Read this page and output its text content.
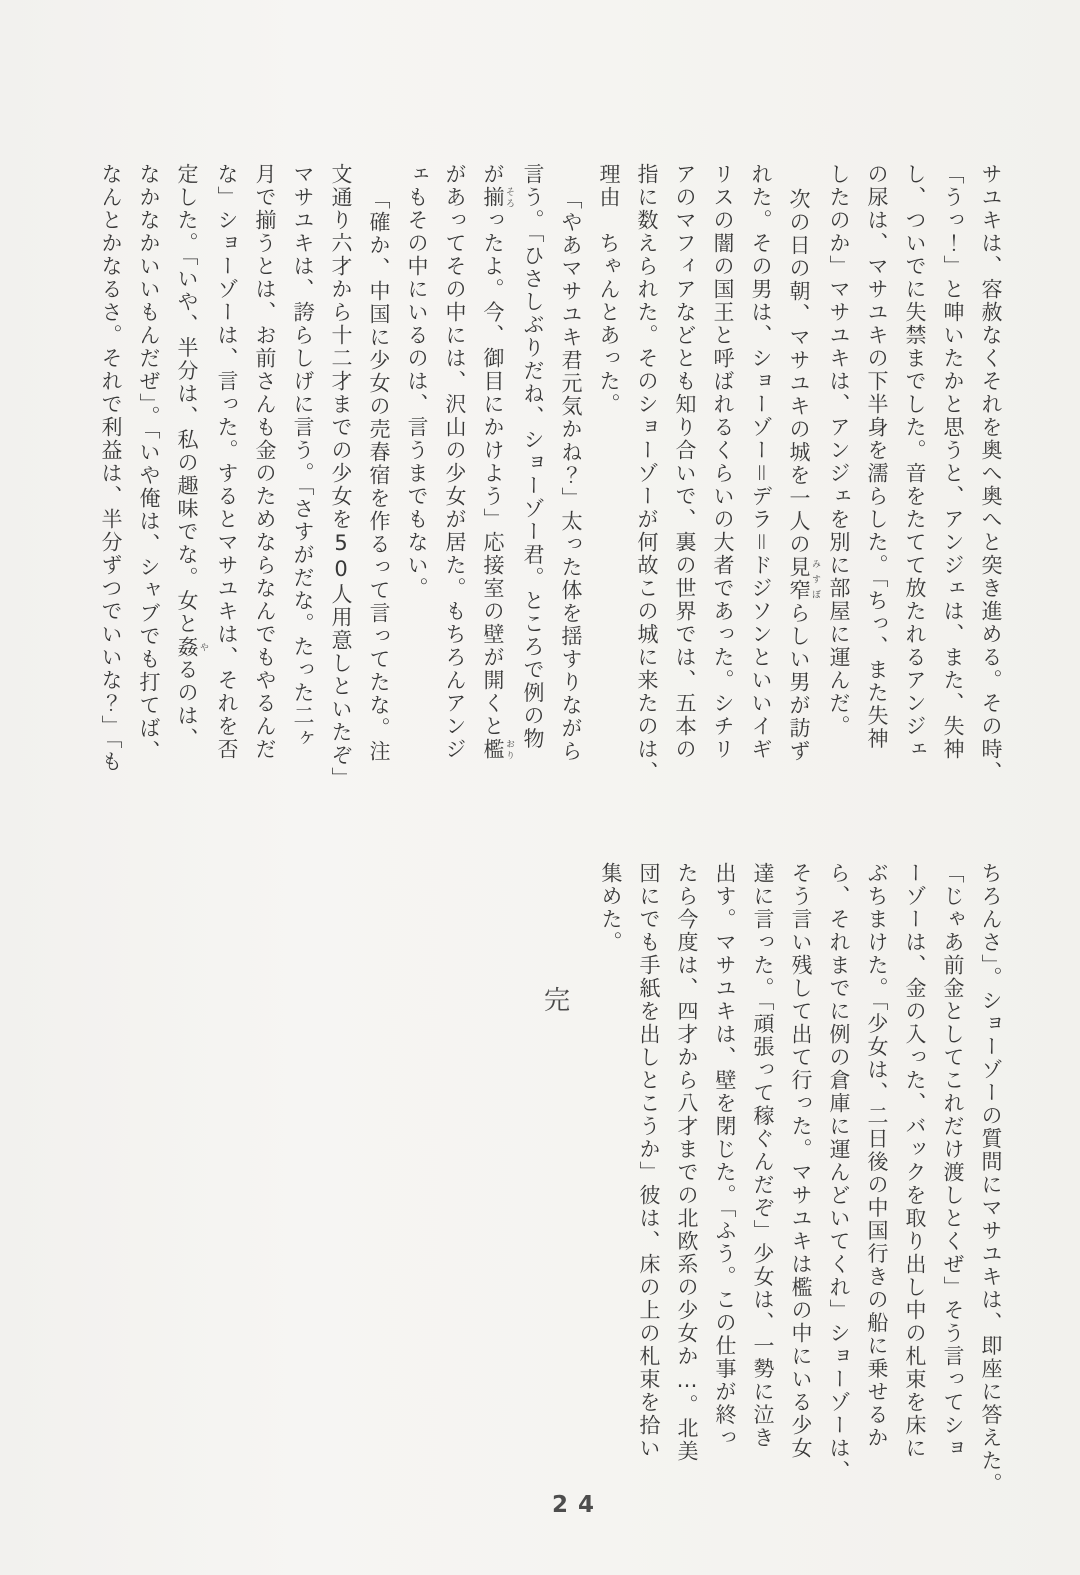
サユキは、容赦なくそれを奥へ奥へと突き進める。その時、
「うっ！」と呻いたかと思うと、アンジェは、また、失神
し、ついでに失禁までした。音をたてて放たれるアンジェ
の尿は、マサユキの下半身を濡らした。「ちっ、また失神
したのか」マサユキは、アンジェを別に部屋に運んだ。
次の日の朝、マサユキの城を一人の見窄 みすぼらしい男が訪ず
れた。その男は、ショーゾー＝デラ＝ドジソンといいイギ
リスの闇の国王と呼ばれるくらいの大者であった。シチリ
アのマフィアなどとも知り合いで、裏の世界では、五本の
指に数えられた。そのショーゾーが何故この城に来たのは、
理由　ちゃんとあった。
「やあマサユキ君元気かね？」太った体を揺すりながら
言う。「ひさしぶりだね、ショーゾー君。ところで例の物
が揃 そろったよ。今、御目にかけよう」応接室の壁が開くと檻 おり
があってその中には、沢山の少女が居た。もちろんアンジ
ェもその中にいるのは、言うまでもない。
「確か、中国に少女の売春宿を作るって言ってたな。注
文通り六才から十二才までの少女を50人用意しといたぞ」
マサユキは、誇らしげに言う。「さすがだな。たった二ヶ
月で揃うとは、お前さんも金のためならなんでもやるんだ
な」ショーゾーは、言った。するとマサユキは、それを否
定した。「いや、半分は、私の趣味でな。女と姦 やるのは、
なかなかいいもんだぜ」。「いや俺は、シャブでも打てば、
なんとかなるさ。それで利益は、半分ずつでいいな？」「も
ちろんさ」。ショーゾーの質問にマサユキは、即座に答えた。
「じゃあ前金としてこれだけ渡しとくぜ」そう言ってショ
ーゾーは、金の入った、バックを取り出し中の札束を床に
ぶちまけた。「少女は、二日後の中国行きの船に乗せるか
ら、それまでに例の倉庫に運んどいてくれ」ショーゾーは、
そう言い残して出て行った。マサユキは檻の中にいる少女
達に言った。「頑張って稼ぐんだぞ」少女は、一勢に泣き
出す。マサユキは、壁を閉じた。「ふう。この仕事が終っ
たら今度は、四才から八才までの北欧系の少女か…。北美
団にでも手紙を出しとこうか」彼は、床の上の札束を拾い
集めた。
完
24
